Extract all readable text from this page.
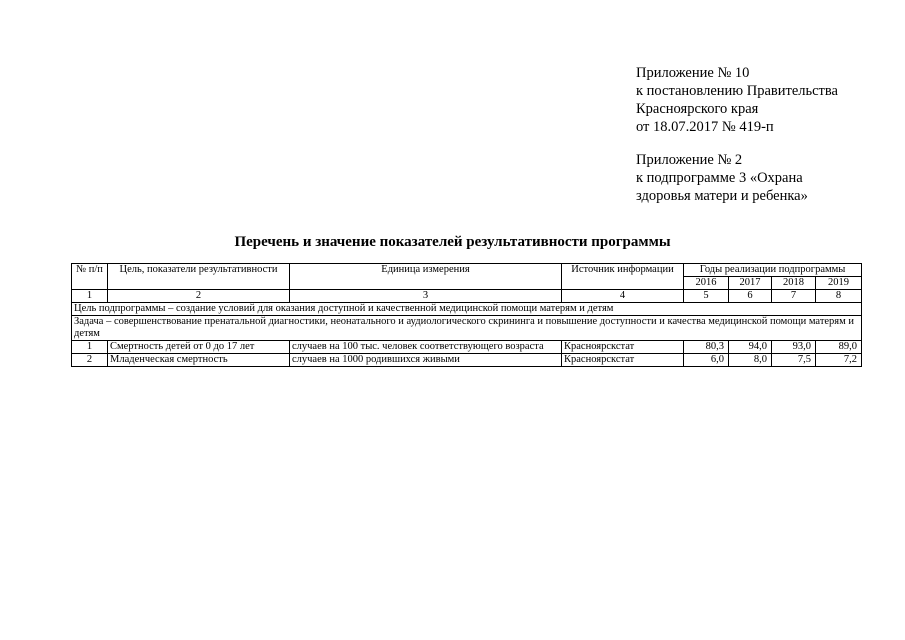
Приложение № 10
к постановлению Правительства
Красноярского края
от 18.07.2017 № 419-п
Приложение № 2
к подпрограмме 3 «Охрана
здоровья матери и ребенка»
Перечень и значение показателей результативности программы
№ п/п	Цель, показатели результативности	Единица измерения	Источник информации	Годы реализации подпрограммы			
				2016	2017	2018	2019
1	2	3	4	5	6	7	8
Цель подпрограммы – создание условий для оказания доступной и качественной медицинской помощи матерям и детям							
Задача – совершенствование пренатальной диагностики, неонатального и аудиологического скрининга и повышение доступности и качества медицинской помощи матерям и детям							
1	Смертность детей от 0 до 17 лет	случаев на 100 тыс. человек соответствующего возраста	Красноярскстат	80,3	94,0	93,0	89,0
2	Младенческая смертность	случаев на 1000 родившихся живыми	Красноярскстат	6,0	8,0	7,5	7,2
